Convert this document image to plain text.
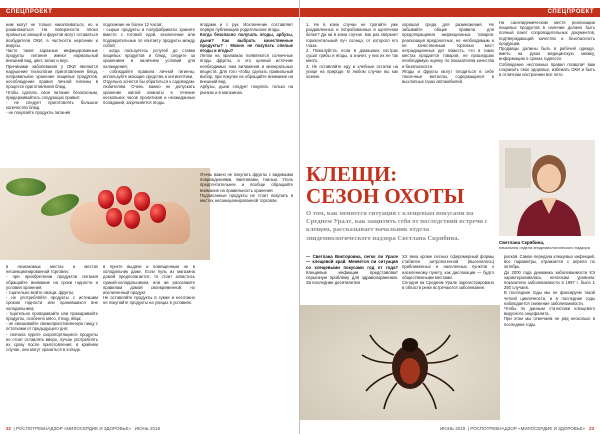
СПЕЦПРОЕКТ

ним могут не только накапливаться, но и размножаться. На поверхности плохо промытых овощей и фруктов могут оставаться возбудители ОКИ, а частности иерсинии и вирусы.

Часто такие заразные инфицированные продукты питания имеют нормальный внешний вид, цвет, запах и вкус.

Причинами заболевания у ОКИ являются нарушение технологии приготовления блюд, неправильное хранение пищевых продуктов, несоблюдение правил личной гигиены в процессе приготовления блюд.

Чтобы сделать свое питание безопасным, придерживайтесь следующих правил:

- не следует приготовлять большое количество блюд

- не покупайте продукты питания

подлежние не более 12 часов;

- сырые продукты и полуфабрикаты храните вместе с готовой едой, исключение или подождительные по контакту продукты между собой;

- когда пользуетесь услугой до ставки пищевых продуктов и блюд, следите за хранением и наличием условий для охлаждения;

- соблюдайте правила личной гигиены, используйте моющие средства и антисептики.

Отдельно хочется бы обратиться к садоводам-любителям. Очень важно не допускать хранение жилой комнаты в течение нескольких часов пролитиков и неожиданных попаданий, загрязняется ягоды.

ягодами и с рук. Исключение составляет первую публикацию родительские ягоды.

Когда безопасно получать ягоды, арбузы, дыни? Как выбрать качественные продукты? - Можно не покупать спелые ягоды и ягоды?

Летом на прилавках появляются солнечные ягоды фрукты, а это ценный источник необходимых нам витаминов и минеральных веществ. Для того чтобы сделать правильный выбор, при покупке их обращайте внимание на внешний вид.

Арбузы, дыни следует покупать только на рынках и в магазинах.

в незнакомых местах и местах несанкционированной торговли;

- при приобретении продуктов питания обращайте внимание на сроки годности и условия хранения;

- тщательно мойте овощи, фрукты;

- не употребляйте продукты с истекшим сроком годности или хранившихся вне холодильника;

- тщательно проваривайте или прожаривайте продукты, особенно мясо, птицу, яйца;

- не смешивайте свежеприготовленную пищу с остатками от предыдущего дня;

- сначала курите скоропортящиеся продукты не стоит оставлять вверх, лучше употреблять их сразу после приготовления, в крайнем случае, они могут храниться в холоде.

в пункте выдачи и помещенным не в холодильник даже. Если пуль из магазина домой предполагается, то стоит запастись сумкой-холодильником, или же расскажите правилам домой своевременной, но исключенный продукт.

Не оставляйте продукты в сумке и несложно не покупайте продукты на улицах в условиях.

Очень важно не покупать фрукты с видимыми повреждениями, вмятинами, гнилью. Уголь предпочтительнее и вообще обращайте внимание на правильность хранения.

Подписанные продукты не стоит покупать в местах несанкционированной торговли.

22  | РОСПОТРЕБНАДЗОР «МИЛОСЕРДИЕ И ЗДОРОВЬЕ» ИЮНЬ 2019
СПЕЦПРОЕКТ

1. Не в коем случае не трогайте уже раздавленных и попробованных в щелочном белке? Да ни в коем случае. Как раз сверкнет горизонтальный луч солнца, от которого его глаза.

2. Пожалуйста, если в домашних кострах сушат грибы и ягоды, а значит, у них их не так много.

3. Не оставляйте еду и хлебные остатки на улице на природе. В любом случае вы как хозяин.

хорошая среда для размножения. Не забывайте общие правила для предотвращения инфекционных товаров: реализация вредоносных, не необходимым и не качественным торговых мест нетрадиционных дет поместь, что в таких местах продается товаров, не прошедших необходимую оценку по показателям качества и безопасности.

Ягоды и фрукты могут плодиться в себе токсичные металлы, содержащиеся в выхлопных газах автомобилей.

На санэпидемическом месте реализации пищевых продуктов в наличии должно быть полный пакет сопроводительных документов, подтверждающий качество и безопасность продукции.

Продавцы должны быть в рабочей одежде, иметь на руках медицинскую книжку, информацию о сроках годности.

Соблюдение несложных правил позволит вам сохранить свое здоровье, избежать ОКИ и быть в отличном настроении все лето.

КЛЕЩИ:
СЕЗОН ОХОТЫ
О том, как меняется ситуация с клещевым покусами на Среднем Урале, как защитить себя от последствий встречи с клещом, рассказывает начальник отдела эпидемиологического надзора Светлана Скрябина.
Светлана Скрябина,
начальник отдела эпидемиологического надзора
— Светлана Викторовна, легко ли Урале — клещевой край. Меняется ли ситуация со клещевыми покусами год от года? Клещевые инфекции представляют серьезную проблему для здравоохранения. За последние десятилетия

ХХ века кроме лесных сферомерный формы стабилен антропогенной (выселилось) приближенных и населенных пунктов к населенному пункту, как дислокации — будто общественными местами.

Сегодня на Среднем Урале зарегистрировано в области реже встречаются заболевания.

рисков. Самое передача клещевых инфекций, все параметры, отражается с апреля по октябрь.

До 2000 года динамика заболеваемости КЭ характеризовалась неплохим уровнем: показатели заболеваемости в 1997 г. было 1 250 случаев.

В последние годы мы не фиксируем такой четкой цикличности, и в последние годы наблюдается снижение заболеваемости.

Чтобы по данным статистики клещевого вирусного энцефалита.

При этом мы отмечаем не ряд несколько в последние годы.

ИЮНЬ 2019  | РОСПОТРЕБНАДЗОР «МИЛОСЕРДИЕ И ЗДОРОВЬЕ» 23
